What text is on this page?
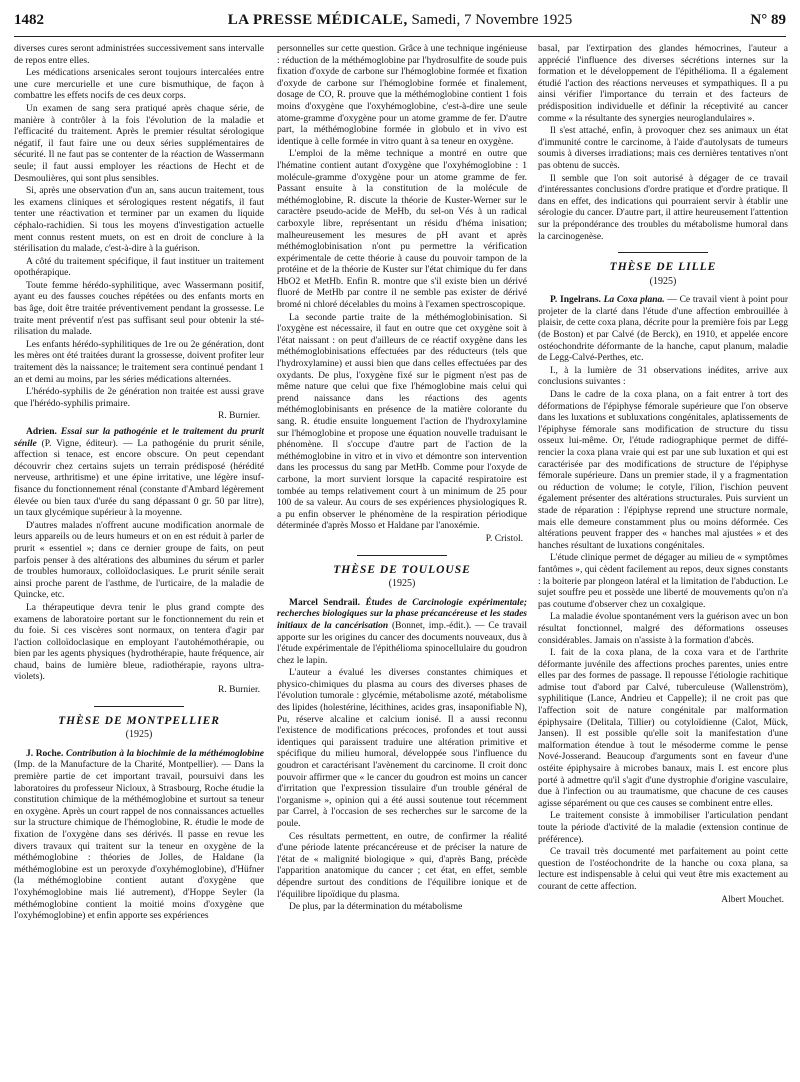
1482	LA PRESSE MÉDICALE, Samedi, 7 Novembre 1925	N° 89

diverses cures seront administrées successivement sans intervalle de repos entre elles.

Les médications arsenicales seront toujours intercalées entre une cure mercurielle et une cure bismuthique, de façon à combattre les effets nocifs de ces deux corps.

Un examen de sang sera pratiqué après chaque série, de manière à contrôler à la fois l'évolution de la maladie et l'efficacité du traitement. Après le premier résultat sérologique négatif, il faut faire une ou deux séries supplémentaires de sécurité. Il ne faut pas se contenter de la réaction de Wassermann seule; il faut aussi employer les réactions de Hecht et de Desmoulières, qui sont plus sensibles.

Si, après une observation d'un an, sans aucun traitement, tous les examens cliniques et sérologiques restent négatifs, il faut tenter une réactivation et terminer par un examen du liquide céphalo-rachidien. Si tous les moyens d'investigation actuelle ment connus restent muets, on est en droit de conclure à la stérilisation du malade, c'est-à-dire à la guérison.

A côté du traitement spécifique, il faut instituer un traitement opothérapique.

Toute femme hérédo-syphilitique, avec Wassermann positif, ayant eu des fausses couches répétées ou des enfants morts en bas âge, doit être traitée préventivement pendant la grossesse. Le traite ment préventif n'est pas suffisant seul pour obtenir la stérilisation du malade.

Les enfants hérédo-syphilitiques de 1re ou 2e génération, dont les mères ont été traitées durant la grossesse, doivent profiter leur traitement dès la naissance; le traitement sera continué pendant 1 an et demi au moins, par les séries médications alternées.

L'hérédo-syphilis de 2e génération non traitée est aussi grave que l'hérédo-syphilis primaire.

R. Burnier.

Adrien. Essai sur la pathogénie et le traitement du prurit sénile (P. Vigne, éditeur). — La pathogénie du prurit sénile, affection si tenace, est encore obscure. On peut cependant découvrir chez certains sujets un terrain prédisposé (hérédité nerveuse, arthritisme) et une épine irritative, une légère insuffisance du fonctionnement rénal (constante d'Ambard légèrement élevée ou bien taux d'urée du sang dépassant 0 gr. 50 par litre), un taux glycémique supérieur à la moyenne.

D'autres malades n'offrent aucune modification anormale de leurs appareils ou de leurs humeurs et on en est réduit à parler de prurit « essentiel »; dans ce dernier groupe de faits, on peut parfois penser à des altérations des albumines du sérum et parler de troubles humoraux, colloïdoclasiques. Le prurit sénile serait ainsi proche parent de l'asthme, de l'urticaire, de la maladie de Quincke, etc.

La thérapeutique devra tenir le plus grand compte des examens de laboratoire portant sur le fonctionnement du rein et du foie. Si ces viscères sont normaux, on tentera d'agir par l'action colloïdoclasique en employant l'autohémothérapie, ou bien par les agents physiques (hydrothérapie, haute fréquence, air chaud, bains de lumière bleue, radiothérapie, rayons ultra-violets).

R. Burnier.

THÈSE DE MONTPELLIER

(1925)

J. Roche. Contribution à la biochimie de la méthémoglobine (Imp. de la Manufacture de la Charité, Montpellier). — Dans la première partie de cet important travail, poursuivi dans les laboratoires du professeur Nicloux, à Strasbourg, Roche étudie la constitution chimique de la méthémoglobine et surtout sa teneur en oxygène. Après un court rappel de nos connaissances actuelles sur la structure chimique de l'hémoglobine, R. étudie le mode de fixation de l'oxygène dans ses dérivés. Il passe en revue les divers travaux qui traitent sur la teneur en oxygène de la méthémoglobine : théories de Jolles, de Haldane (la méthémoglobine est un peroxyde d'oxyhémoglobine), d'Hüfner (la méthémoglobine contient autant d'oxygène que l'oxyhémoglobine mais lié autrement), d'Hoppe Seyler (la méthémoglobine contient la moitié moins d'oxygène que l'oxyhémoglobine) et enfin apporte ses expériences

personnelles sur cette question. Grâce à une technique ingénieuse : réduction de la méthémoglobine par l'hydrosulfite de soude puis fixation d'oxyde de carbone sur l'hémoglobine formée et fixation d'oxyde de carbone sur l'hémoglobine formée et finalement, dosage de CO, R. prouve que la méthémoglobine contient 1 fois moins d'oxygène que l'oxyhémoglobine, c'est-à-dire une seule atome-gramme d'oxygène pour un atome gramme de fer. D'autre part, la méthémoglobine formée in globulo et in vivo est identique à celle formée in vitro quant à sa teneur en oxygène.

L'emploi de la même technique a montré en outre que l'hématine contient autant d'oxygène que l'oxyhémoglobine : 1 molécule-gramme d'oxygène pour un atome gramme de fer. Passant ensuite à la constitution de la molécule de méthémoglobine, R. discute la théorie de Kuster-Werner sur le caractère pseudo-acide de MeHb, du sel-on Vés à un radical carboxyle libre, représentant un résidu d'héma inisation; malheureusement les mesures de pH avant et après méthémoglobinisation n'ont pu permettre la vérification expérimentale de cette théorie à cause du pouvoir tampon de la protéine et de la théorie de Kuster sur l'état chimique du fer dans HbO2 et MetHb. Enfin R. montre que s'il existe bien un dérivé fluoré de MetHb par contre il ne semble pas exister de dérivé bromé ni chloré décelables du moins à l'examen spectroscopique.

La seconde partie traite de la méthémoglobinisation. Si l'oxygène est nécessaire, il faut en outre que cet oxygène soit à l'état naissant : on peut d'ailleurs de ce réactif oxygène dans les méthémoglobinisations effectuées par des réducteurs (tels que l'hydroxylamine) et aussi bien que dans celles effectuées par des oxydants. De plus, l'oxygène fixé sur le pigment n'est pas de même nature que celui que fixe l'hémoglobine mais celui qui prend naissance dans les réactions des agents méthémoglobinisants en présence de la matière colorante du sang. R. étudie ensuite longuement l'action de l'hydroxylamine sur l'hémoglobine et propose une équation nouvelle traduisant le phénomène. Il s'occupe d'autre part de l'action de la méthémoglobine in vitro et in vivo et démontre son intervention dans les processus du sang par MetHb. Comme pour l'oxyde de carbone, la mort survient lorsque la capacité respiratoire est tombée au temps relativement court à un minimum de 25 pour 100 de sa valeur. Au cours de ses expériences physiologiques R. a pu enfin observer le phénomène de la respiration périodique déterminée d'après Mosso et Haldane par l'anoxémie.

P. Cristol.

THÈSE DE TOULOUSE

(1925)

Marcel Sendrail. Études de Carcinologie expérimentale; recherches biologiques sur la phase précancéreuse et les stades initiaux de la cancérisation (Bonnet, imp.-édit.). — Ce travail apporte sur les origines du cancer des documents nouveaux, dus à l'étude expérimentale de l'épithélioma spinocellulaire du goudron chez le lapin.

L'auteur a évalué les diverses constantes chimiques et physico-chimiques du plasma au cours des diverses phases de l'évolution tumorale : glycémie, métabolisme azoté, métabolisme des lipides (holestérine, lécithines, acides gras, insaponifiable N), Pu, réserve alcaline et calcium ionisé. Il a aussi reconnu l'existence de modifications précoces, profondes et tout aussi identiques qui paraissent traduire une altération primitive et spécifique du milieu humoral, développée sous l'influence du goudron et caractérisant l'avènement du carcinome. Il croit donc pouvoir affirmer que « le cancer du goudron est moins un cancer d'irritation que l'expression tissulaire d'un trouble général de l'organisme », opinion qui a été aussi soutenue tout récemment par Carrel, à l'occasion de ses recherches sur le sarcome de la poule.

Ces résultats permettent, en outre, de confirmer la réalité d'une période latente précancéreuse et de préciser la nature de l'état de « malignité biologique » qui, d'après Bang, précède l'apparition anatomique du cancer ; cet état, en effet, semble dépendre surtout des conditions de l'équilibre ionique et de l'équilibre lipoïdique du plasma.

De plus, par la détermination du métabolisme

basal, par l'extirpation des glandes hémocrines, l'auteur a apprécié l'influence des diverses sécrétions internes sur la formation et le développement de l'épithélioma. Il a également étudié l'action des réactions nerveuses et sympathiques. Il a pu ainsi vérifier l'importance du terrain et des facteurs de prédisposition individuelle et définir la réceptivité au cancer comme « la résultante des synergies neuroglandulaires ».

Il s'est attaché, enfin, à provoquer chez ses animaux un état d'immunité contre le carcinome, à l'aide d'autolysats de tumeurs soumis à diverses irradiations; mais ces dernières tentatives n'ont pas obtenu de succès.

Il semble que l'on soit autorisé à dégager de ce travail d'intéressantes conclusions d'ordre pratique et d'ordre pratique. Il dans en effet, des indications qui pourraient servir à établir une sérologie du cancer. D'autre part, il attire heureusement l'attention sur la prépondérance des troubles du métabolisme humoral dans la carcinogenèse.

THÈSE DE LILLE

(1925)

P. Ingelrans. La Coxa plana. — Ce travail vient à point pour projeter de la clarté dans l'étude d'une affection embrouillée à plaisir, de cette coxa plana, décrite pour la première fois par Legg (de Boston) et par Calvé (de Berck), en 1910, et appelée encore ostéochondrite déformante de la hanche, caput planum, maladie de Legg-Calvé-Perthes, etc.

I., à la lumière de 31 observations inédites, arrive aux conclusions suivantes :

Dans le cadre de la coxa plana, on a fait entrer à tort des déformations de l'épiphyse fémorale supérieure que l'on observe dans les luxations et subluxations congénitales, aplatissements de l'épiphyse fémorale sans modification de structure du tissu osseux lui-même. Or, l'étude radiographique permet de différencier la coxa plana vraie qui est par une sub luxation et qui est caractérisée par des modifications de structure de l'épiphyse fémorale supérieure. Dans un premier stade, il y a fragmentation ou réduction de volume; le cotyle, l'ilion, l'ischion peuvent également présenter des altérations structurales. Puis survient un stade de réparation : l'épiphyse reprend une structure normale, mais elle demeure constamment plus ou moins déformée. Ces altérations peuvent frapper des « hanches mal ajustées » et des hanches résultant de luxations congénitales.

L'étude clinique permet de dégager au milieu de « symptômes fantômes », qui cèdent facilement au repos, deux signes constants : la boiterie par plongeon latéral et la limitation de l'abduction. Le sujet souffre peu et possède une liberté de mouvements qu'on n'a pas coutume d'observer chez un coxalgique.

La maladie évolue spontanément vers la guérison avec un bon résultat fonctionnel, malgré des déformations osseuses considérables. Jamais on n'assiste à la formation d'abcès.

I. fait de la coxa plana, de la coxa vara et de l'arthrite déformante juvénile des affections proches parentes, unies entre elles par des formes de passage. Il repousse l'étiologie rachitique admise tout d'abord par Calvé, tuberculeuse (Wallenström), syphilitique (Lance, Andrieu et Cappelle); il ne croit pas que l'affection soit de nature congénitale par malformation épiphysaire (Delitala, Tillier) ou cotyloïdienne (Calot, Mück, Jansen). Il est possible qu'elle soit la manifestation d'une malformation étendue à tout le mésoderme comme le pense Nové-Josserand. Beaucoup d'arguments sont en faveur d'une ostéite épiphysaire à microbes banaux, mais I. est encore plus porté à admettre qu'il s'agit d'une dystrophie d'origine vasculaire, due à l'infection ou au traumatisme, que chacune de ces causes agisse séparément ou que ces causes se combinent entre elles.

Le traitement consiste à immobiliser l'articulation pendant toute la période d'activité de la maladie (extension continue de préférence).

Ce travail très documenté met parfaitement au point cette question de l'ostéochondrite de la hanche ou coxa plana, sa lecture est indispensable à celui qui veut être mis exactement au courant de cette affection.

Albert Mouchet.
